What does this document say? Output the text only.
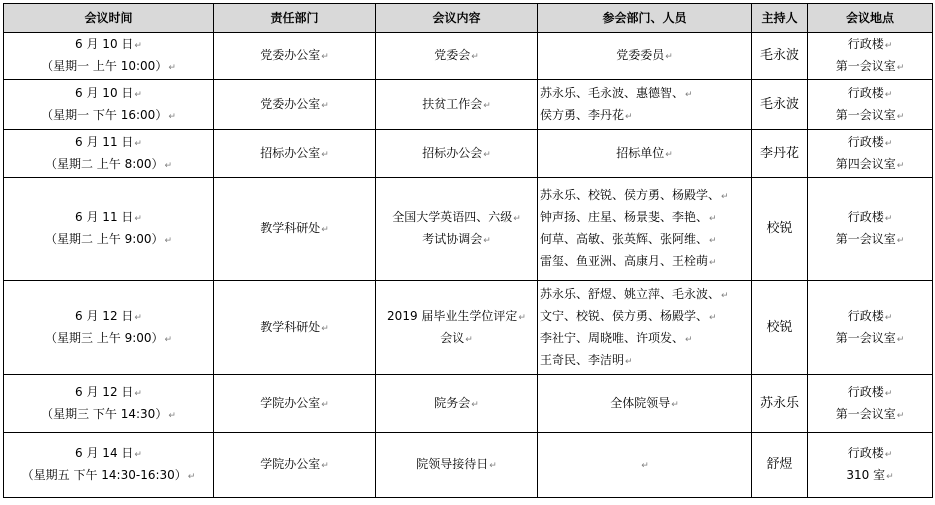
会议时间	责任部门	会议内容	参会部门、人员	主持人	会议地点

6 月 10 日↵
（星期一 上午 10:00）↵	党委办公室↵	党委会↵	党委委员↵	毛永波	行政楼↵
第一会议室↵

6 月 10 日↵
（星期一 下午 16:00）↵	党委办公室↵	扶贫工作会↵	苏永乐、毛永波、惠德智、↵
侯方勇、李丹花↵	毛永波	行政楼↵
第一会议室↵

6 月 11 日↵
（星期二 上午 8:00）↵	招标办公室↵	招标办公会↵	招标单位↵	李丹花	行政楼↵
第四会议室↵

6 月 11 日↵
（星期二 上午 9:00）↵	教学科研处↵	全国大学英语四、六级↵
考试协调会↵	苏永乐、校锐、侯方勇、杨殿学、↵
钟声扬、庄星、杨景斐、李艳、↵
何草、高敏、张英辉、张阿维、↵
雷玺、鱼亚洲、高康月、王栓萌↵	校锐	行政楼↵
第一会议室↵

6 月 12 日↵
（星期三 上午 9:00）↵	教学科研处↵	2019 届毕业生学位评定↵
会议↵	苏永乐、舒煜、姚立萍、毛永波、↵
文宁、校锐、侯方勇、杨殿学、↵
李社宁、周晓唯、许项发、↵
王奇民、李洁明↵	校锐	行政楼↵
第一会议室↵

6 月 12 日↵
（星期三 下午 14:30）↵	学院办公室↵	院务会↵	全体院领导↵	苏永乐	行政楼↵
第一会议室↵

6 月 14 日↵
（星期五 下午 14:30-16:30）↵	学院办公室↵	院领导接待日↵	↵	舒煜	行政楼↵
310 室↵
